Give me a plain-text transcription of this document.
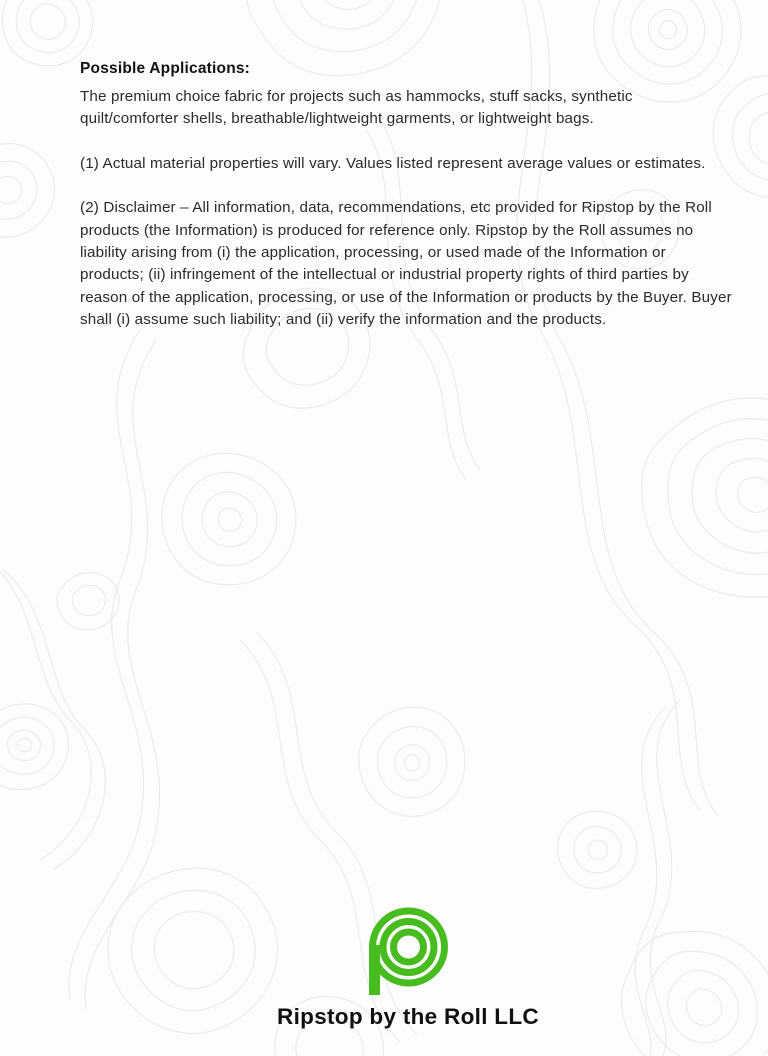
Possible Applications:

The premium choice fabric for projects such as hammocks, stuff sacks, synthetic quilt/comforter shells, breathable/lightweight garments, or lightweight bags.

(1) Actual material properties will vary. Values listed represent average values or estimates.

(2) Disclaimer – All information, data, recommendations, etc provided for Ripstop by the Roll products (the Information) is produced for reference only. Ripstop by the Roll assumes no liability arising from (i) the application, processing, or used made of the Information or products; (ii) infringement of the intellectual or industrial property rights of third parties by reason of the application, processing, or use of the Information or products by the Buyer. Buyer shall (i) assume such liability; and (ii) verify the information and the products.

Ripstop by the Roll LLC
